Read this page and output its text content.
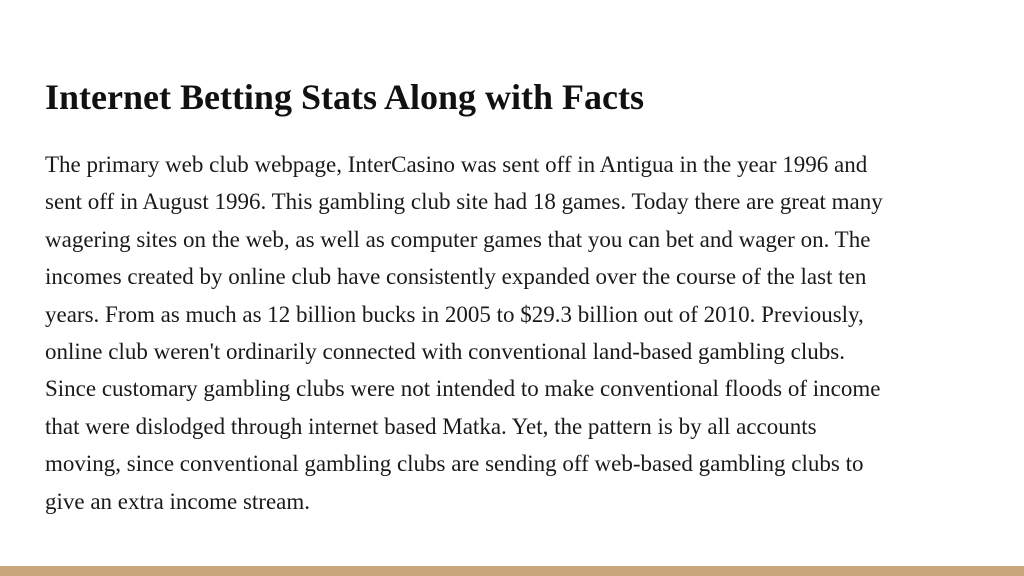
Internet Betting Stats Along with Facts

The primary web club webpage, InterCasino was sent off in Antigua in the year 1996 and
sent off in August 1996. This gambling club site had 18 games. Today there are great many
wagering sites on the web, as well as computer games that you can bet and wager on. The
incomes created by online club have consistently expanded over the course of the last ten
years. From as much as 12 billion bucks in 2005 to $29.3 billion out of 2010. Previously,
online club weren't ordinarily connected with conventional land-based gambling clubs.
Since customary gambling clubs were not intended to make conventional floods of income
that were dislodged through internet based Matka. Yet, the pattern is by all accounts
moving, since conventional gambling clubs are sending off web-based gambling clubs to
give an extra income stream.
